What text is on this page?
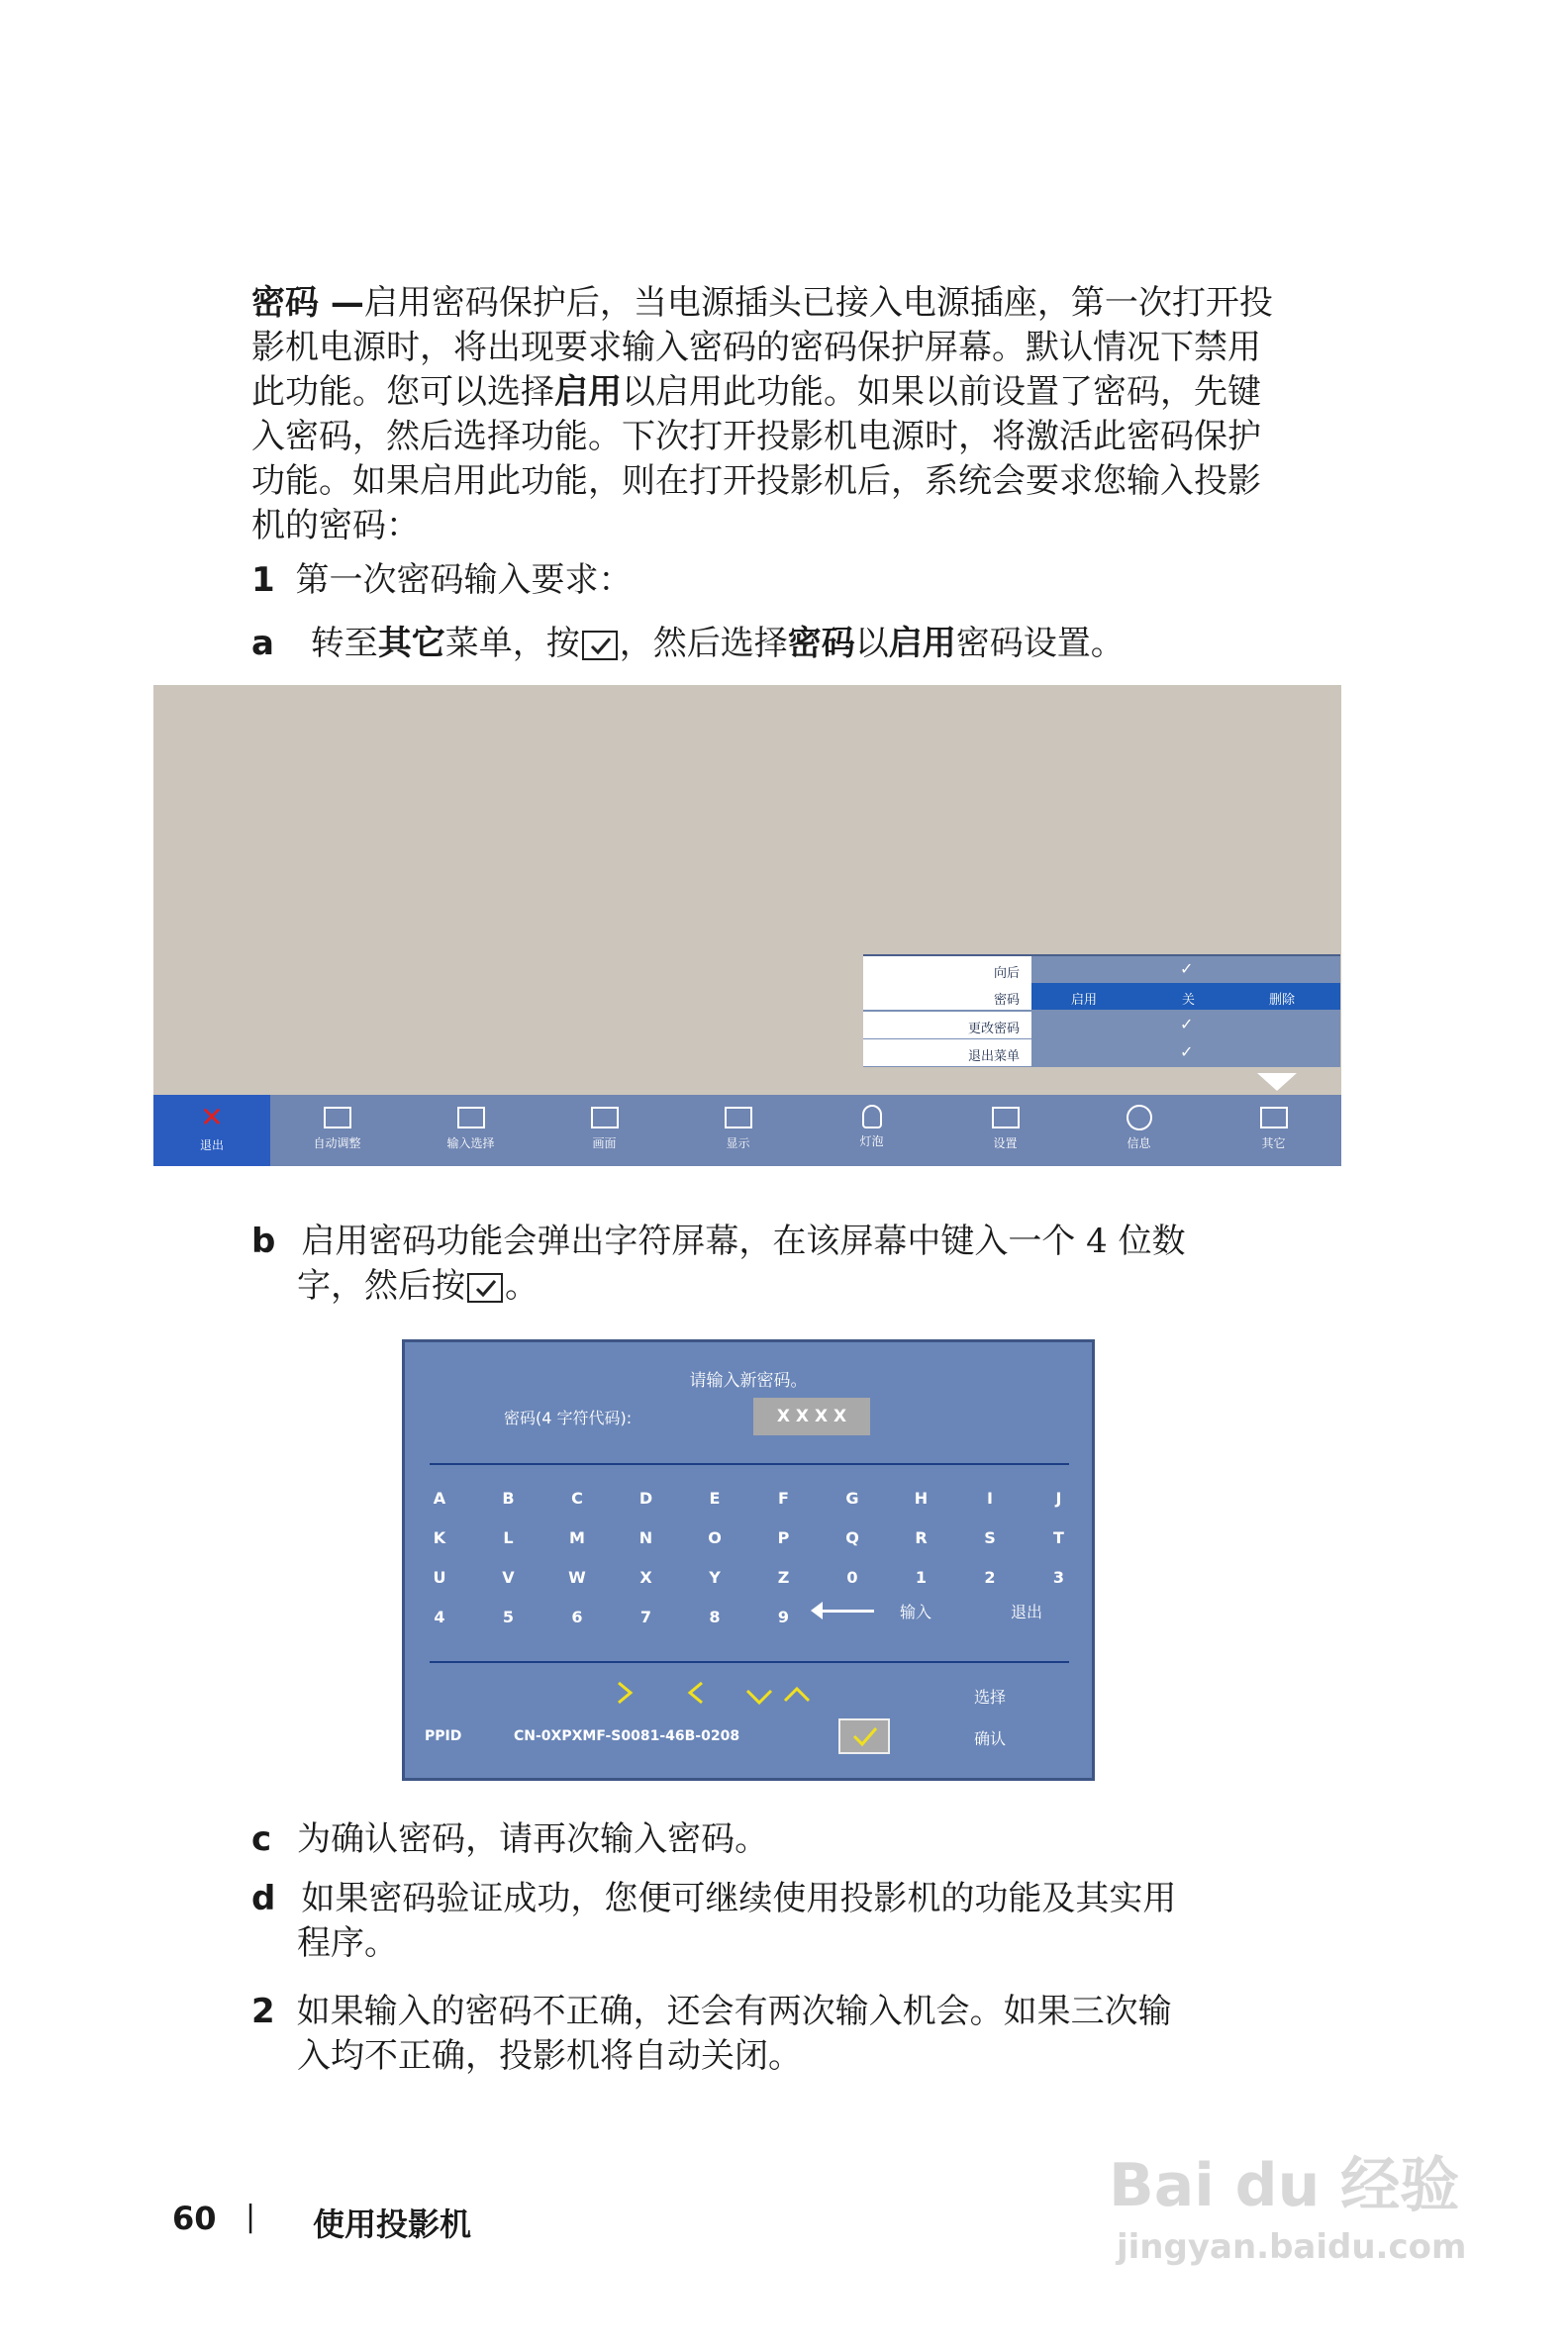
密码 —启用密码保护后，当电源插头已接入电源插座，第一次打开投
影机电源时，将出现要求输入密码的密码保护屏幕。默认情况下禁用
此功能。您可以选择启用以启用此功能。如果以前设置了密码，先键
入密码，然后选择功能。下次打开投影机电源时，将激活此密码保护
功能。如果启用此功能，则在打开投影机后，系统会要求您输入投影
机的密码：
1 第一次密码输入要求：
a 转至其它菜单，按 ，然后选择密码以启用密码设置。
向后	✓
密码	启用	关	删除
更改密码	✓
退出菜单	✓
✕
退出	自动调整	输入选择	画面	显示	灯泡	设置	信息	其它
b 启用密码功能会弹出字符屏幕，在该屏幕中键入一个 4 位数
字，然后按 。
请输入新密码。
密码(4 字符代码):	X X X X
A	B	C	D	E	F	G	H	I	J
K	L	M	N	O	P	Q	R	S	T
U	V	W	X	Y	Z	0	1	2	3
4	5	6	7	8	9	输入	退出
选择
PPID	CN-0XPXMF-S0081-46B-0208	确认
c 为确认密码，请再次输入密码。
d 如果密码验证成功，您便可继续使用投影机的功能及其实用
程序。
2 如果输入的密码不正确，还会有两次输入机会。如果三次输
入均不正确，投影机将自动关闭。
60 | 使用投影机
Bai du 经验
jingyan.baidu.com
